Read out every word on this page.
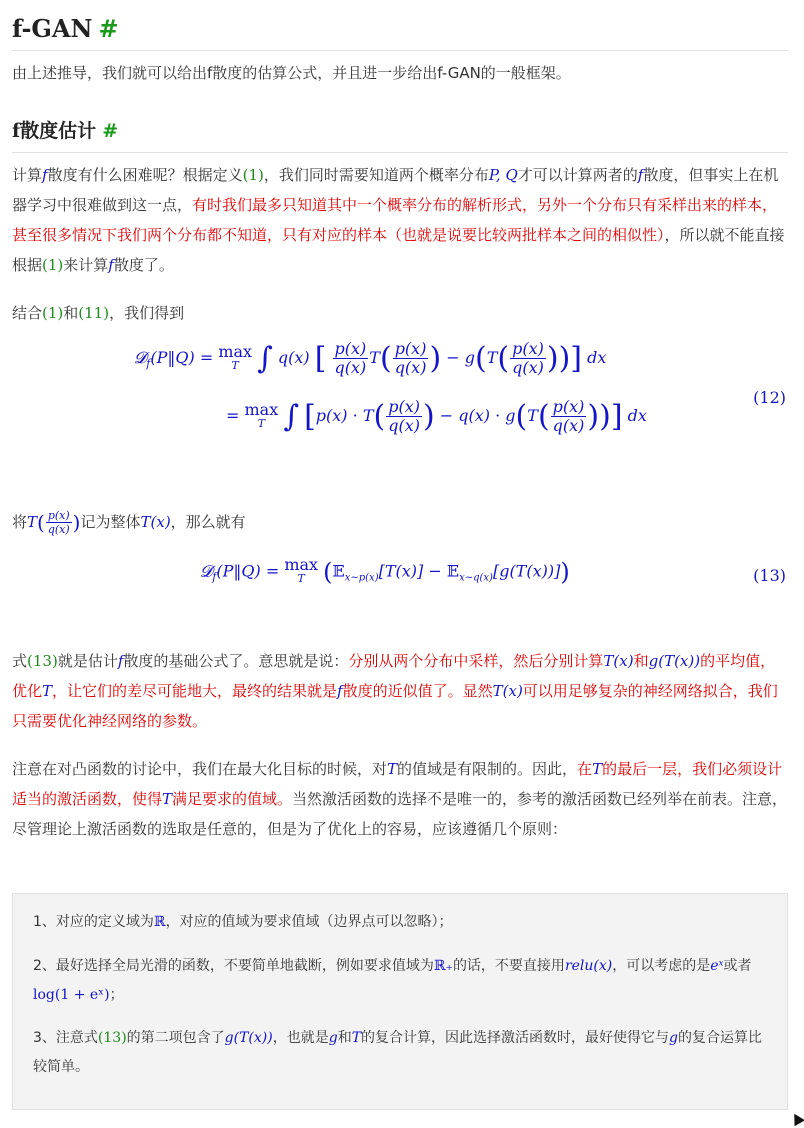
f-GAN #

由上述推导，我们就可以给出f散度的估算公式，并且进一步给出f-GAN的一般框架。

f散度估计 #

计算f散度有什么困难呢？根据定义(1)，我们同时需要知道两个概率分布P, Q才可以计算两者的f散度，但事实上在机器学习中很难做到这一点，有时我们最多只知道其中一个概率分布的解析形式，另外一个分布只有采样出来的样本，甚至很多情况下我们两个分布都不知道，只有对应的样本（也就是说要比较两批样本之间的相似性），所以就不能直接根据(1)来计算f散度了。

结合(1)和(11)，我们得到

𝓓$_f$(P‖Q) = max
T ∫ q(x) [ $\frac{p(x)}{q(x)} T( \frac{p(x)}{q(x)}$ ) − $g(T( \frac{p(x)}{q(x)}$ ))] dx
= max
T ∫ [$p(x) \cdot T( \frac{p(x)}{q(x)}$ ) − $q(x) \cdot g(T( \frac{p(x)}{q(x)}$ ))] dx
(12)

将$T( \frac{p(x)}{q(x)}$ )记为整体T(x)，那么就有

𝓓$_f$(P‖Q) = max
T (𝔼$_{x\sim p(x)}$[T(x)] − 𝔼$_{x\sim q(x)}$[g(T(x))])	(13)

式(13)就是估计f散度的基础公式了。意思就是说：分别从两个分布中采样，然后分别计算T(x)和g(T(x))的平均值，优化T，让它们的差尽可能地大，最终的结果就是f散度的近似值了。显然T(x)可以用足够复杂的神经网络拟合，我们只需要优化神经网络的参数。

注意在对凸函数的讨论中，我们在最大化目标的时候，对T的值域是有限制的。因此，在T的最后一层，我们必须设计适当的激活函数，使得T满足要求的值域。当然激活函数的选择不是唯一的，参考的激活函数已经列举在前表。注意，尽管理论上激活函数的选取是任意的，但是为了优化上的容易，应该遵循几个原则：

1、对应的定义域为ℝ，对应的值域为要求值域（边界点可以忽略）；

2、最好选择全局光滑的函数，不要简单地截断，例如要求值域为ℝ₊的话，不要直接用relu(x)，可以考虑的是eˣ或者log(1 + eˣ)；

3、注意式(13)的第二项包含了g(T(x))，也就是g和T的复合计算，因此选择激活函数时，最好使得它与g的复合运算比较简单。
